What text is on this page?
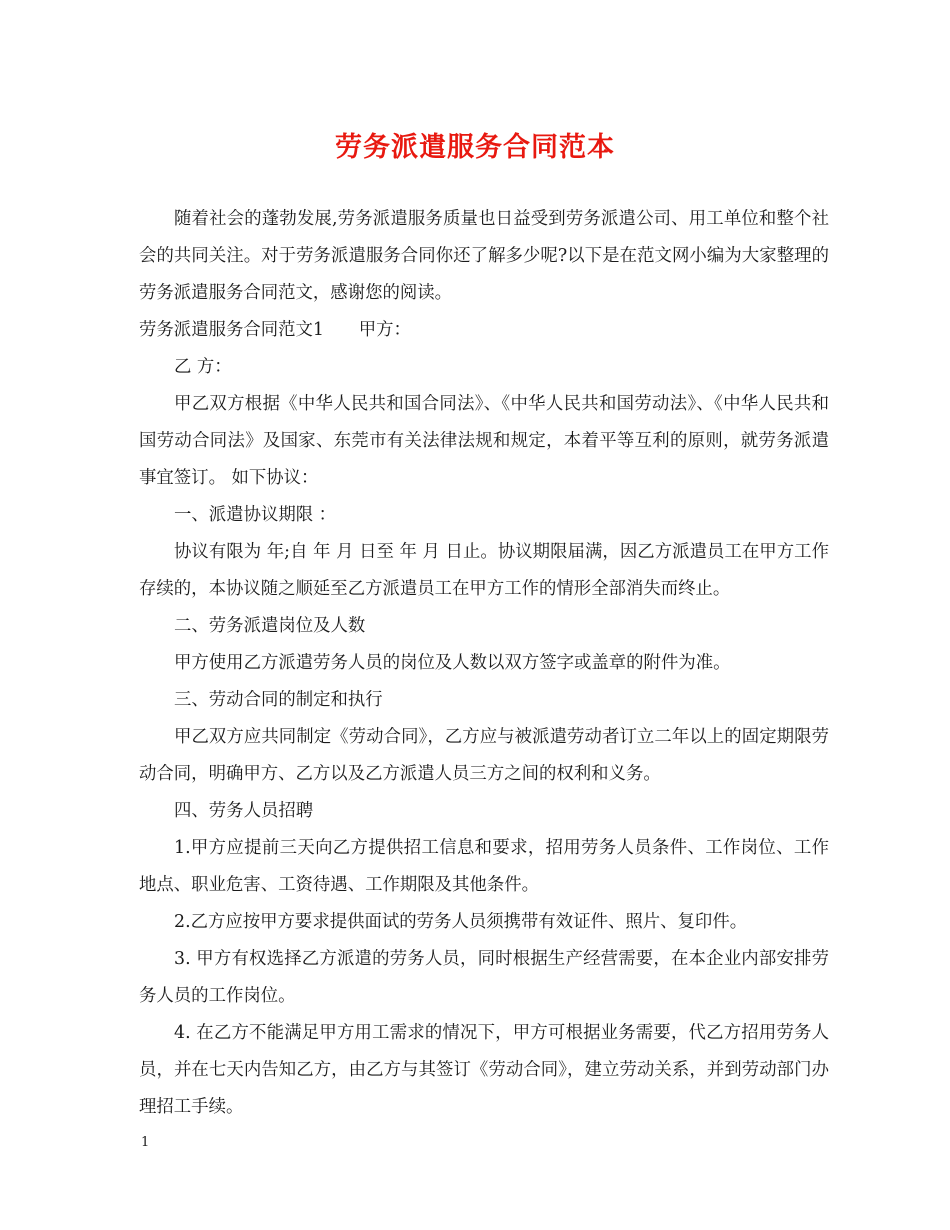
劳务派遣服务合同范本

随着社会的蓬勃发展,劳务派遣服务质量也日益受到劳务派遣公司、用工单位和整个社会的共同关注。对于劳务派遣服务合同你还了解多少呢?以下是在范文网小编为大家整理的劳务派遣服务合同范文，感谢您的阅读。

劳务派遣服务合同范文1　　甲方：

乙 方：

甲乙双方根据《中华人民共和国合同法》、《中华人民共和国劳动法》、《中华人民共和国劳动合同法》及国家、东莞市有关法律法规和规定，本着平等互利的原则，就劳务派遣事宜签订。 如下协议：

一、派遣协议期限 ：

协议有限为 年;自 年 月 日至 年 月 日止。协议期限届满，因乙方派遣员工在甲方工作存续的，本协议随之顺延至乙方派遣员工在甲方工作的情形全部消失而终止。

二、劳务派遣岗位及人数

甲方使用乙方派遣劳务人员的岗位及人数以双方签字或盖章的附件为准。

三、劳动合同的制定和执行

甲乙双方应共同制定《劳动合同》，乙方应与被派遣劳动者订立二年以上的固定期限劳动合同，明确甲方、乙方以及乙方派遣人员三方之间的权利和义务。

四、劳务人员招聘

1.甲方应提前三天向乙方提供招工信息和要求，招用劳务人员条件、工作岗位、工作地点、职业危害、工资待遇、工作期限及其他条件。

2.乙方应按甲方要求提供面试的劳务人员须携带有效证件、照片、复印件。

3. 甲方有权选择乙方派遣的劳务人员，同时根据生产经营需要，在本企业内部安排劳务人员的工作岗位。

4. 在乙方不能满足甲方用工需求的情况下，甲方可根据业务需要，代乙方招用劳务人员，并在七天内告知乙方，由乙方与其签订《劳动合同》，建立劳动关系，并到劳动部门办理招工手续。

1
